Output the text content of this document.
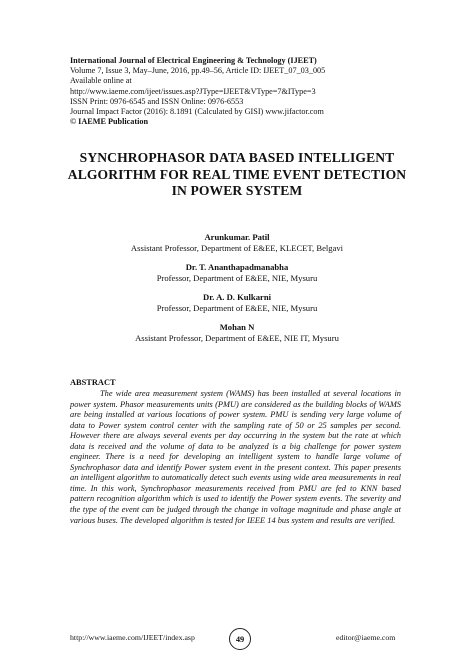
International Journal of Electrical Engineering & Technology (IJEET)
Volume 7, Issue 3, May–June, 2016, pp.49–56, Article ID: IJEET_07_03_005
Available online at
http://www.iaeme.com/ijeet/issues.asp?JType=IJEET&VType=7&IType=3
ISSN Print: 0976-6545 and ISSN Online: 0976-6553
Journal Impact Factor (2016): 8.1891 (Calculated by GISI) www.jifactor.com
© IAEME Publication
SYNCHROPHASOR DATA BASED INTELLIGENT ALGORITHM FOR REAL TIME EVENT DETECTION IN POWER SYSTEM
Arunkumar. Patil
Assistant Professor, Department of E&EE, KLECET, Belgavi
Dr. T. Ananthapadmanabha
Professor, Department of E&EE, NIE, Mysuru
Dr. A. D. Kulkarni
Professor, Department of E&EE, NIE, Mysuru
Mohan N
Assistant Professor, Department of E&EE, NIE IT, Mysuru
ABSTRACT
The wide area measurement system (WAMS) has been installed at several locations in power system. Phasor measurements units (PMU) are considered as the building blocks of WAMS are being installed at various locations of power system. PMU is sending very large volume of data to Power system control center with the sampling rate of 50 or 25 samples per second. However there are always several events per day occurring in the system but the rate at which data is received and the volume of data to be analyzed is a big challenge for power system engineer. There is a need for developing an intelligent system to handle large volume of Synchrophasor data and identify Power system event in the present context. This paper presents an intelligent algorithm to automatically detect such events using wide area measurements in real time. In this work, Synchrophasor measurements received from PMU are fed to KNN based pattern recognition algorithm which is used to identify the Power system events. The severity and the type of the event can be judged through the change in voltage magnitude and phase angle at various buses. The developed algorithm is tested for IEEE 14 bus system and results are verified.
http://www.iaeme.com/IJEET/index.asp	49	editor@iaeme.com
